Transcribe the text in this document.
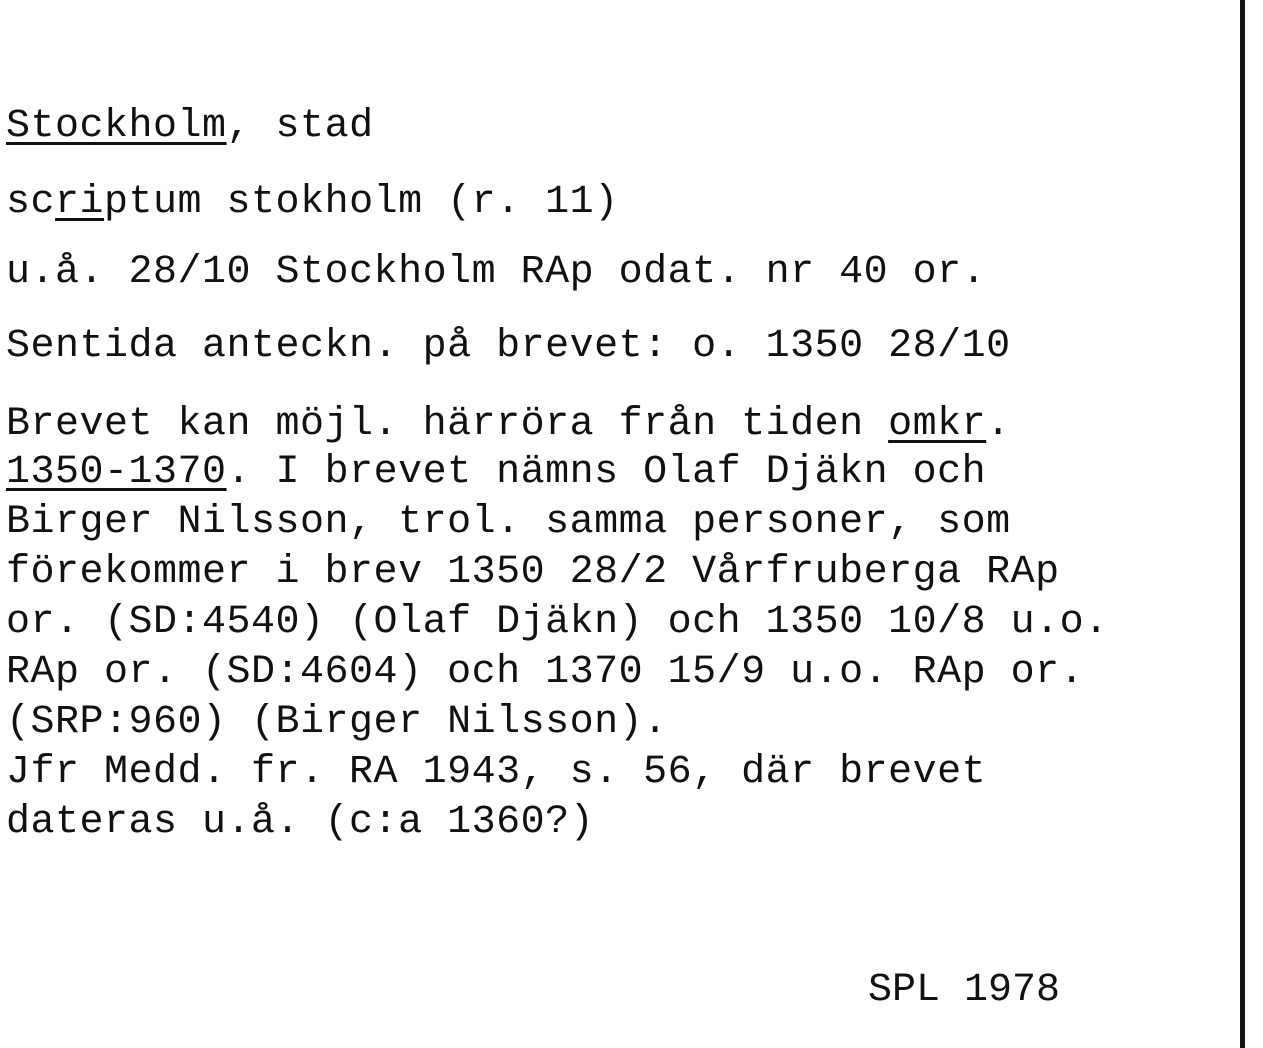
Stockholm, stad
scriptum stokholm (r. 11)
u.å. 28/10 Stockholm RAp odat. nr 40 or.
Sentida anteckn. på brevet: o. 1350 28/10
Brevet kan möjl. härröra från tiden omkr.
1350-1370. I brevet nämns Olaf Djäkn och
Birger Nilsson, trol. samma personer, som
förekommer i brev 1350 28/2 Vårfruberga RAp
or. (SD:4540) (Olaf Djäkn) och 1350 10/8 u.o.
RAp or. (SD:4604) och 1370 15/9 u.o. RAp or.
(SRP:960) (Birger Nilsson).
Jfr Medd. fr. RA 1943, s. 56, där brevet
dateras u.å. (c:a 1360?)
SPL 1978
